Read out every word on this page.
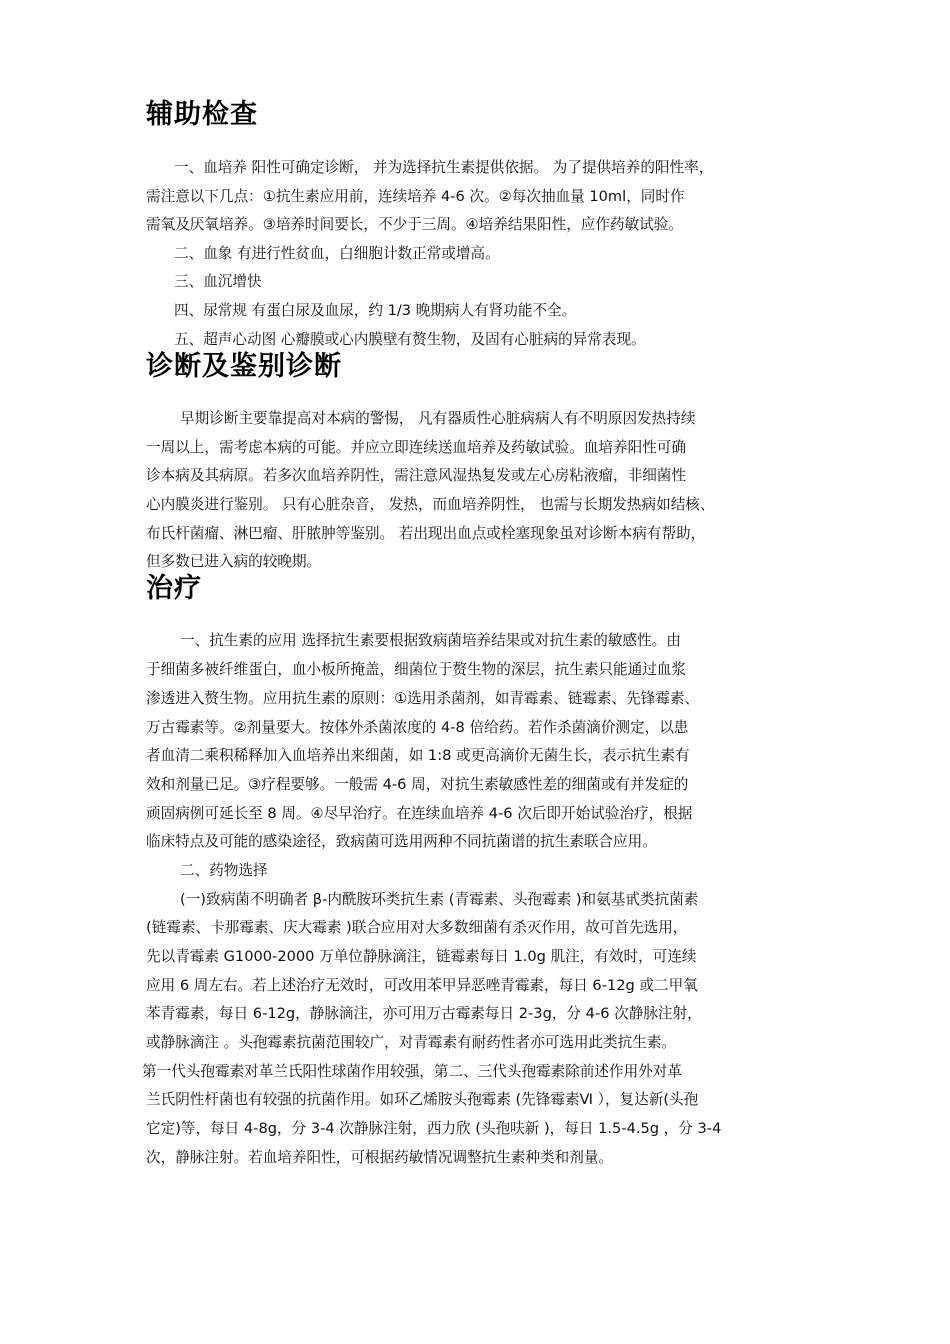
辅助检查

一、血培养 阳性可确定诊断， 并为选择抗生素提供依据。 为了提供培养的阳性率，

需注意以下几点：①抗生素应用前，连续培养 4-6 次。②每次抽血量 10ml，同时作

需氧及厌氧培养。③培养时间要长，不少于三周。④培养结果阳性，应作药敏试验。

二、血象 有进行性贫血，白细胞计数正常或增高。

三、血沉增快

四、尿常规 有蛋白尿及血尿，约 1/3 晚期病人有肾功能不全。

五、超声心动图 心瓣膜或心内膜壁有赘生物，及固有心脏病的异常表现。

诊断及鉴别诊断

早期诊断主要靠提高对本病的警惕， 凡有器质性心脏病病人有不明原因发热持续

一周以上，需考虑本病的可能。并应立即连续送血培养及药敏试验。血培养阳性可确

诊本病及其病原。若多次血培养阴性，需注意风湿热复发或左心房粘液瘤，非细菌性

心内膜炎进行鉴别。 只有心脏杂音， 发热，而血培养阴性， 也需与长期发热病如结核、

布氏杆菌瘤、淋巴瘤、肝脓肿等鉴别。 若出现出血点或栓塞现象虽对诊断本病有帮助，

但多数已进入病的较晚期。

治疗

一、抗生素的应用 选择抗生素要根据致病菌培养结果或对抗生素的敏感性。由

于细菌多被纤维蛋白，血小板所掩盖，细菌位于赘生物的深层，抗生素只能通过血浆

渗透进入赘生物。应用抗生素的原则：①选用杀菌剂，如青霉素、链霉素、先锋霉素、

万古霉素等。②剂量要大。按体外杀菌浓度的 4-8 倍给药。若作杀菌滴价测定，以患

者血清二乘积稀释加入血培养出来细菌，如 1:8 或更高滴价无菌生长，表示抗生素有

效和剂量已足。③疗程要够。一般需 4-6 周，对抗生素敏感性差的细菌或有并发症的

顽固病例可延长至 8 周。④尽早治疗。在连续血培养 4-6 次后即开始试验治疗，根据

临床特点及可能的感染途径，致病菌可选用两种不同抗菌谱的抗生素联合应用。

二、药物选择

(一)致病菌不明确者 β-内酰胺环类抗生素 (青霉素、头孢霉素 )和氨基甙类抗菌素

(链霉素、卡那霉素、庆大霉素 )联合应用对大多数细菌有杀灭作用，故可首先选用，

先以青霉素 G1000-2000 万单位静脉滴注，链霉素每日 1.0g 肌注，有效时，可连续

应用 6 周左右。若上述治疗无效时，可改用苯甲异恶唑青霉素，每日 6-12g 或二甲氧

苯青霉素，每日 6-12g，静脉滴注，亦可用万古霉素每日 2-3g，分 4-6 次静脉注射，

或静脉滴注 。头孢霉素抗菌范围较广，对青霉素有耐药性者亦可选用此类抗生素。

第一代头孢霉素对革兰氏阳性球菌作用较强，第二、三代头孢霉素除前述作用外对革

兰氏阴性杆菌也有较强的抗菌作用。如环乙烯胺头孢霉素 (先锋霉素Ⅵ ），复达新(头孢

它定)等，每日 4-8g，分 3-4 次静脉注射，西力欣 (头孢呋新 )，每日 1.5-4.5g ，分 3-4

次，静脉注射。若血培养阳性，可根据药敏情况调整抗生素种类和剂量。
